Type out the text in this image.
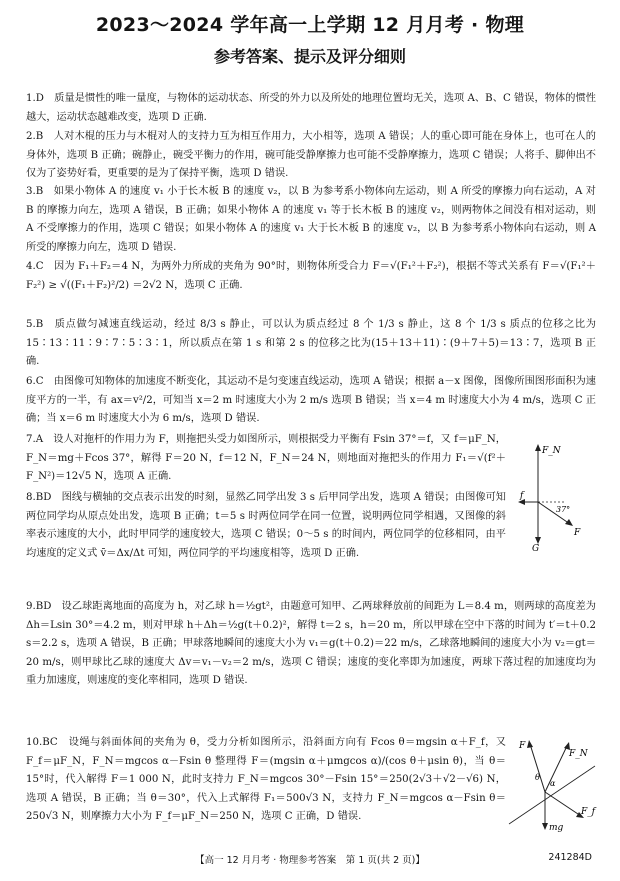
2023～2024 学年高一上学期 12 月月考 · 物理
参考答案、提示及评分细则
1.D　质量是惯性的唯一量度，与物体的运动状态、所受的外力以及所处的地理位置均无关，选项 A、B、C 错误，物体的惯性越大，运动状态越难改变，选项 D 正确.
2.B　人对木棍的压力与木棍对人的支持力互为相互作用力，大小相等，选项 A 错误；人的重心即可能在身体上，也可在人的身体外，选项 B 正确；碗静止，碗受平衡力的作用，碗可能受静摩擦力也可能不受静摩擦力，选项 C 错误；人将手、脚伸出不仅为了姿势好看，更重要的是为了保持平衡，选项 D 错误.
3.B　如果小物体 A 的速度 v₁ 小于长木板 B 的速度 v₂，以 B 为参考系小物体向左运动，则 A 所受的摩擦力向右运动，A 对 B 的摩擦力向左，选项 A 错误，B 正确；如果小物体 A 的速度 v₁ 等于长木板 B 的速度 v₂，则两物体之间没有相对运动，则 A 不受摩擦力的作用，选项 C 错误；如果小物体 A 的速度 v₁ 大于长木板 B 的速度 v₂，以 B 为参考系小物体向右运动，则 A 所受的摩擦力向左，选项 D 错误.
4.C　因为 F₁＋F₂＝4 N，为两外力所成的夹角为 90°时，则物体所受合力 F＝√(F₁²＋F₂²)，根据不等式关系有 F＝√(F₁²＋F₂²) ≥ √((F₁＋F₂)²/2) ＝2√2 N，选项 C 正确.
5.B　质点做匀减速直线运动，经过 8/3 s 静止，可以认为质点经过 8 个 1/3 s 静止，这 8 个 1/3 s 质点的位移之比为 15∶13∶11∶9∶7∶5∶3∶1，所以质点在第 1 s 和第 2 s 的位移之比为(15＋13＋11)∶(9＋7＋5)＝13∶7，选项 B 正确.
6.C　由图像可知物体的加速度不断变化，其运动不是匀变速直线运动，选项 A 错误；根据 a－x 图像，图像所围图形面积为速度平方的一半，有 ax＝v²/2，可知当 x＝2 m 时速度大小为 2 m/s 选项 B 错误；当 x＝4 m 时速度大小为 4 m/s，选项 C 正确；当 x＝6 m 时速度大小为 6 m/s，选项 D 错误.
7.A　设人对拖杆的作用力为 F，则拖把头受力如图所示，则根据受力平衡有 Fsin 37°＝f，又 f＝μF_N，F_N＝mg＋Fcos 37°，解得 F＝20 N，f＝12 N，F_N＝24 N，则地面对拖把头的作用力 F₁＝√(f²＋F_N²)＝12√5 N，选项 A 正确.
8.BD　图线与横轴的交点表示出发的时刻，显然乙同学出发 3 s 后甲同学出发，选项 A 错误；由图像可知两位同学均从原点处出发，选项 B 正确；t＝5 s 时两位同学在同一位置，说明两位同学相遇，又图像的斜率表示速度的大小，此时甲同学的速度较大，选项 C 错误；0～5 s 的时间内，两位同学的位移相同，由平均速度的定义式 v̄＝Δx/Δt 可知，两位同学的平均速度相等，选项 D 正确.
9.BD　设乙球距离地面的高度为 h，对乙球 h＝½gt²，由题意可知甲、乙两球释放前的间距为 L＝8.4 m，则两球的高度差为 Δh＝Lsin 30°＝4.2 m，则对甲球 h＋Δh＝½g(t＋0.2)²，解得 t＝2 s，h＝20 m，所以甲球在空中下落的时间为 t′＝t＋0.2 s＝2.2 s，选项 A 错误，B 正确；甲球落地瞬间的速度大小为 v₁＝g(t＋0.2)＝22 m/s，乙球落地瞬间的速度大小为 v₂＝gt＝20 m/s，则甲球比乙球的速度大 Δv＝v₁－v₂＝2 m/s，选项 C 错误；速度的变化率即为加速度，两球下落过程的加速度均为重力加速度，则速度的变化率相同，选项 D 错误.
10.BC　设绳与斜面体间的夹角为 θ，受力分析如图所示，沿斜面方向有 Fcos θ＝mgsin α＋F_f，又 F_f＝μF_N，F_N＝mgcos α－Fsin θ 整理得 F＝(mgsin α＋μmgcos α)/(cos θ＋μsin θ)，当 θ＝15°时，代入解得 F＝1 000 N，此时支持力 F_N＝mgcos 30°－Fsin 15°＝250(2√3＋√2－√6) N，选项 A 错误，B 正确；当 θ＝30°，代入上式解得 F₁＝500√3 N，支持力 F_N＝mgcos α－Fsin θ＝250√3 N，则摩擦力大小为 F_f＝μF_N＝250 N，选项 C 正确，D 错误.
F_N
f
37°
F
G
F
F_N
θ
α
mg
F_f
【高一 12 月月考 · 物理参考答案　第 1 页(共 2 页)】	241284D
